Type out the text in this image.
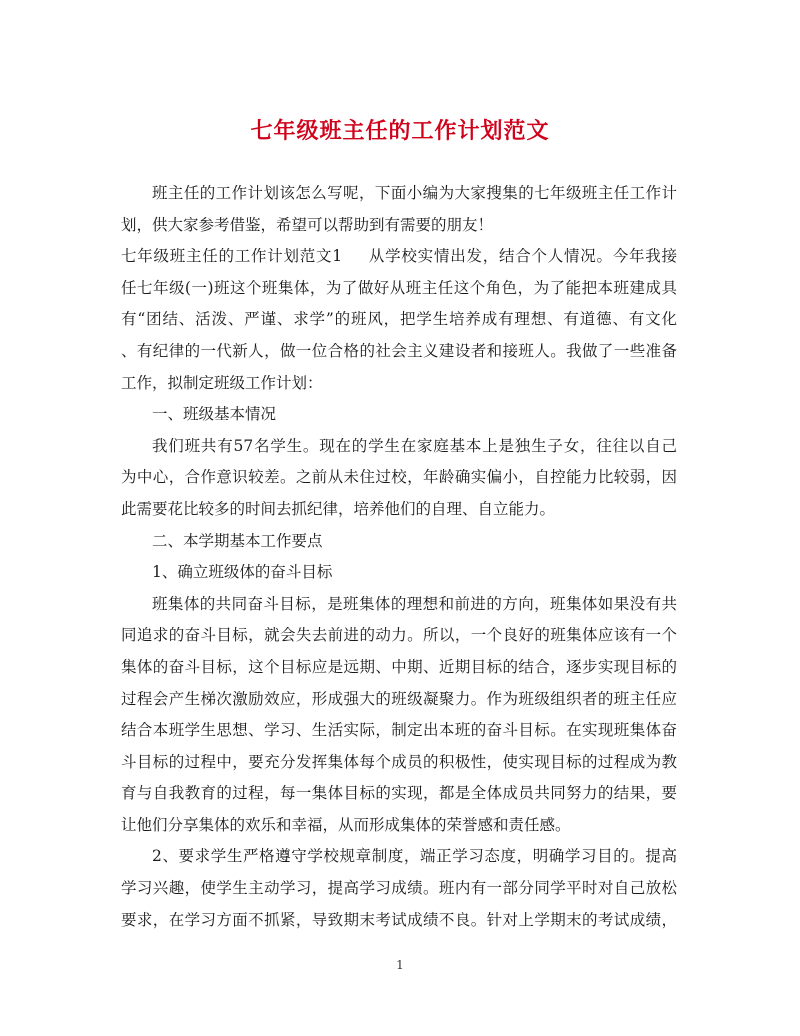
七年级班主任的工作计划范文
班主任的工作计划该怎么写呢，下面小编为大家搜集的七年级班主任工作计
划，供大家参考借鉴，希望可以帮助到有需要的朋友！
七年级班主任的工作计划范文1 从学校实情出发，结合个人情况。今年我接
任七年级(一)班这个班集体，为了做好从班主任这个角色，为了能把本班建成具
有“团结、活泼、严谨、求学”的班风，把学生培养成有理想、有道德、有文化
、有纪律的一代新人，做一位合格的社会主义建设者和接班人。我做了一些准备
工作，拟制定班级工作计划：
一、班级基本情况
我们班共有57名学生。现在的学生在家庭基本上是独生子女，往往以自己
为中心，合作意识较差。之前从未住过校，年龄确实偏小，自控能力比较弱，因
此需要花比较多的时间去抓纪律，培养他们的自理、自立能力。
二、本学期基本工作要点
1、确立班级体的奋斗目标
班集体的共同奋斗目标，是班集体的理想和前进的方向，班集体如果没有共
同追求的奋斗目标，就会失去前进的动力。所以，一个良好的班集体应该有一个
集体的奋斗目标，这个目标应是远期、中期、近期目标的结合，逐步实现目标的
过程会产生梯次激励效应，形成强大的班级凝聚力。作为班级组织者的班主任应
结合本班学生思想、学习、生活实际，制定出本班的奋斗目标。在实现班集体奋
斗目标的过程中，要充分发挥集体每个成员的积极性，使实现目标的过程成为教
育与自我教育的过程，每一集体目标的实现，都是全体成员共同努力的结果，要
让他们分享集体的欢乐和幸福，从而形成集体的荣誉感和责任感。
2、要求学生严格遵守学校规章制度，端正学习态度，明确学习目的。提高
学习兴趣，使学生主动学习，提高学习成绩。班内有一部分同学平时对自己放松
要求，在学习方面不抓紧，导致期末考试成绩不良。针对上学期末的考试成绩，
1
